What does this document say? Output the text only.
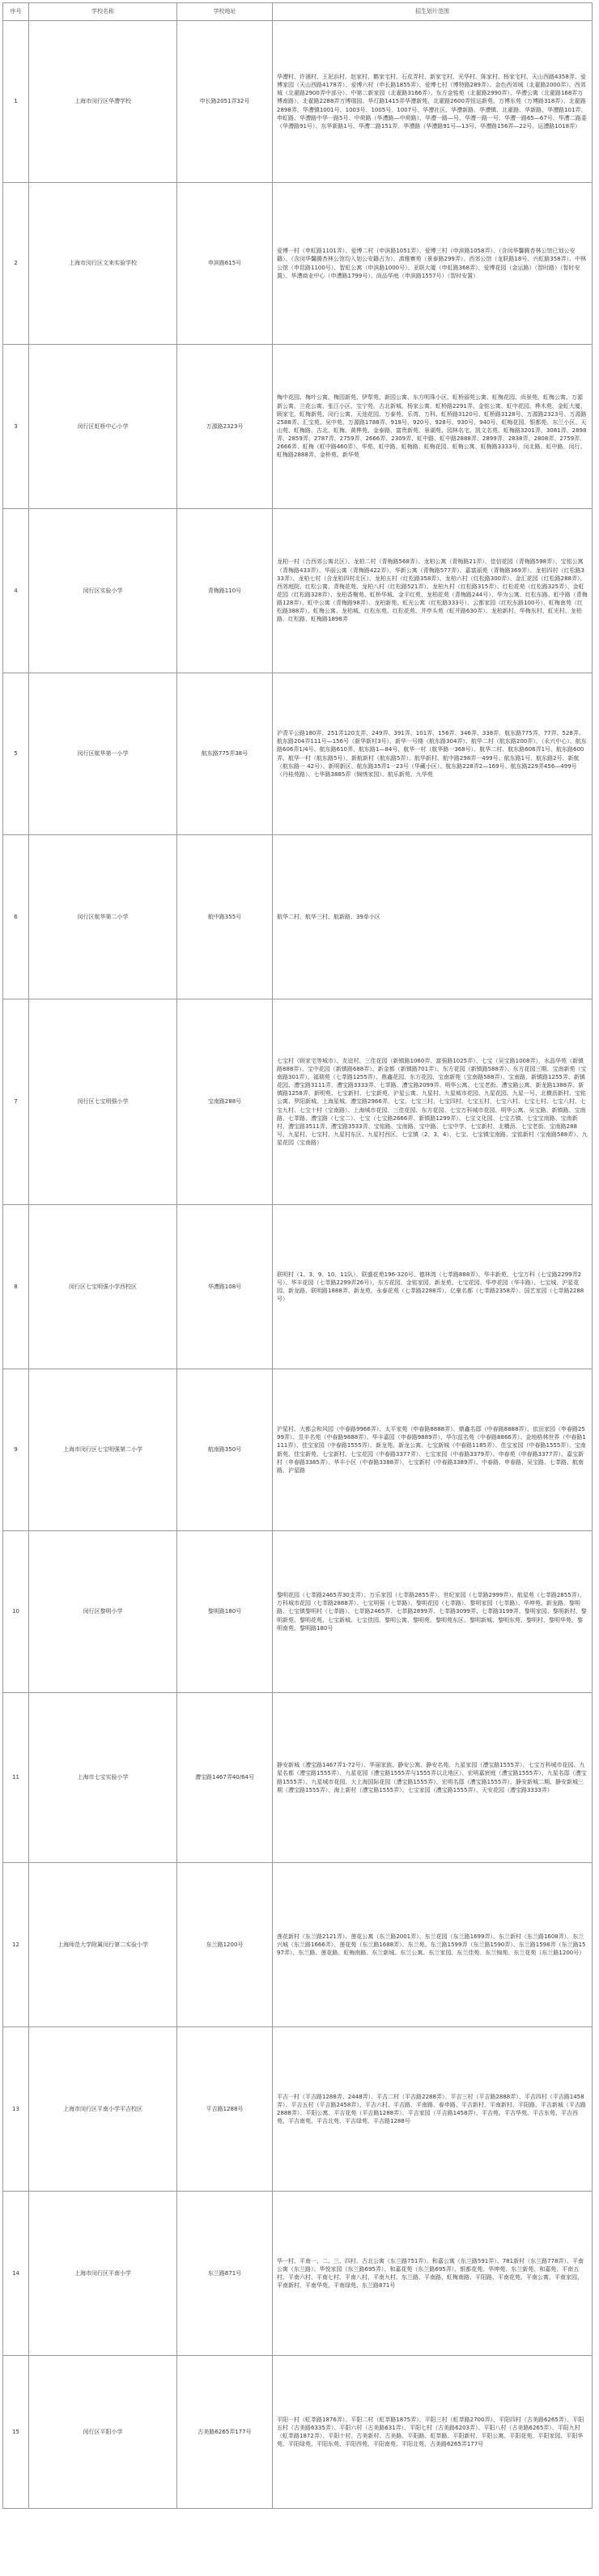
序号	学校名称	学校地址	招生划片范围
1	上海市闵行区华漕学校	申长路2051弄32号	华漕村、许浦村、王泥浜村、赵家村、鹅家宅村、石皮弄村、新家宅村、光华村、陈家村、杨家宅村、天山西路4358弄、爱博家园（天山西路4178弄）、爱博六村（申长路1855弄）、爱博七村（博特路289弄）、金色西郊城（北翟路2000弄）、西郊城（北翟路2900弄中部分）、中第二新家园（北翟路3166弄）、东方金铭苑（北翟路2990弄）、华漕公寓（北翟路168弄万博南路）、北翟路2288弄万博瑞园、华灯路1415弄华漕新苑、北翟路2600弄恒运新苑、万博东苑（万博路318弄）、北翟路2898弄、华漕镇1001号、1003号、1005号、1007号、华漕社区、华漕新路、华漕镇、北翟路、华新路、华漕路101弄、申虹路、华漕路中华一路5号、中荷路（华漕路—中荷路）、华漕一路—号、华漕一路一号、华漕一路65—67号、华漕二路委（华漕路91号）、东华新路1号、华漕二路151弄、华漕路（华漕路91号—13号、华漕路156弄—22号、运漕路1018弄）
2	上海市闵行区文来实验学校	申滨路615号	爱博一村（申虹路1101弄）、爱博二村（申滨路1051弄）、爱博三村（申滨路1058弄）、（含闵华馨腾杏林公馆已划公安籍）、（含闵华馨腾杏林公馆均入划公安籍占为）、滇雅寨苑（景泰路299弄）、西郊公馆（龙联路18号、兴虹路358弄）、中林公馆（申昆路1100号）、智虹公寓（申滨路1000号）、亚联大厦（申虹路368弄）、爱博花园（金运路）（智时路）（智时安置）、华漕商业中心（申漕路1799号）、尚品华庭（申滨路1557号）（智时安置）
3	闵行区虹桥中心小学	万源路2323号	梅中花园、梅叶公寓、梅园新苑、伊犁苑、新园公寓、东方明珠小区、虹桥丽苑公寓、虹梅花园、尚景苑、虹梅公寓、万源新公寓、兰花公寓、张江小区、宝宁苑、古北新城、杨家公寓、虹桥路2291弄、金铭公寓、虹中花园、桦木苑、金虹大厦、顾家宅、虹梅新苑、闵行公寓、天池花园、万泰苑、乐湾、万科、虹桥路3120号、虹桥路3128号、万源路2323号、万源路2588弄、汇宝苑、吴中苑、万源路1788弄、918号、920号、928号、930号、940号、虹梅花园、银都苑、东兰小区、天山苑、虹梅路、古北、虹梅、黄桦苑、金泰路、富贵新苑、景湖苑、园林名宅、凯文名苑、虹梅路3201弄、3081弄、2898弄、2859弄、2787弄、2759弄、2666弄、2309弄、虹中路、虹中路2888弄、2899弄、2838弄、2808弄、2759弄、2666弄、虹梅（虹中路460弄）、华苑、虹中路、虹梅路、虹梅花园、虹梅公寓、虹梅路3333号、闵北路、虹中路、闵行、虹梅路2888弄、金桥苑、新华苑
4	闵行区实验小学	青梅路110号	龙柏一村（合西郊公寓北区）、龙柏二村（青梅路568弄）、龙柏公寓（青梅路21弄）、佳信花园（青梅路598弄）、宝铭公寓（青梅路433弄）、华丽公寓（青梅路422弄）、华新公寓（青梅路577弄）、嘉富丽苑（青梅路369弄）、龙柏四村（红松路333弄）、龙柏七村（含龙柏四村北区）、龙柏五村（红松路358弄）、龙柏六村（红松路300弄）、金汇花园（红松路288弄）、西郊庭院、红松公寓、青梅花苑、龙柏八村（红松路521弄）、龙柏九村（红松路315弄）、红松花苑（红松路325弄）、金虹花园（红松路328弄）、龙柏香榭苑、虹桥华城、金平红苑、龙柏花苑（青梅路244号）、华为公寓、红松东路、虹中路（青梅路128弄）、虹中公寓（青梅路98弄）、龙柏新苑、虹光公寓（红松路333号）、云都家园（红松东路100号）、虹梅南苑（红松路388弄）、虹梅公寓、龙柏城、红松东苑、红松花苑、井亭头苑（虹井路630弄）、龙柏新村、华梅东村、虹光村、龙柏路、红松路、虹梅路1898弄
5	闵行区航华第一小学	航东路775弄38号	沪青平公路180弄、251弄120支弄、249弄、391弄、101弄、156弄、346弄、338弄、航东路775弄、77弄、528弄、航东路204弄111号—156号（新华新村3号）、新华一号楼（航东路304弄）、航华二村（航东路200弄）、（永兴中心）、航东路606弄1/4号、航东路610弄、航东路1—84号、航华一村（航华路一368号）、航华二村、航东路606弄1号、航东路600弄、航华一村（航东路5号）、新航新村（航东路5弄）、航华新村、航中路298弄一499号、航东路1号、航东路2号、新航（航东路一 42号）、新明新区、航东路35弄1一23号（华藏小区）、航东路228弄2—169号、航东路229弄456—499号（丹桂苑路）、七华路3885弄（锦绣家园）、航乐新苑、九华苑
6	闵行区航华第二小学	航中路355号	航华二村、航华三村、航新路、39单小区
7	闵行区七宝明强小学	宝南路288号	七宝村（顾家宅等城市）、友谊村、三佳花园（新镇路1060弄、富强路1025弄）、七宝（吴宝路1008弄）、水晶华苑（新镇路888弄）、宝中花园（新镇路688弄）、新金都（新镇路701弄）、东方花园（新镇路588弄）、东方花园三期、宝南新苑（宝南路301弄）、福瑞苑（七莘路1255弄）、鼎鑫花园、东方花园、宝南新苑（宝南路588弄）、宝南路、新镇路1255弄、新镇花园、漕宝路3111弄、漕宝路3333弄、七莘路、漕宝路2099弄、明华公寓、七宝老街、漕宝路公寓、新龙路1388弄、新镇路1258弄、新明苑、七宝新村、七宝新苑、沪星公寓、九星村、九星城市花园、九星花园、九星一号、北横沥新村、宝铭公寓、罗阳新城、上海星城、漕宝路2966弄、七宝、七宝三村、七宝四村、七宝五村、七宝六村、七宝七村、七宝八村、七宝九村、七宝十村（宝南路）、上海城市花园、三佳花园、东方花园、七宝万科城市花园、明华公寓、吴宝路、新镇路、宝南路、七莘路、漕宝路（七宝二）、七宝（七宝路2666弄、新镇路1299弄）、七宝文化园、七宝古镇、七宝宝南路、宝南新村、漕宝路3511弄、漕宝路3533弄、宝铭路、宝南路、宝中路、七宝中学、七宝新村、北横沥、七宝老街、宝南路288号、九星村、七宝村、九星村东区、九星村西区、七宝镇（2、3、4）、七宝、七宝镇宝南路、宝铭新村（宝南路588弄）、九星花园（宝南路）
8	闵行区七宝明强小学西校区	华漕路108号	联明村（1、3、9、10、11队）、联盛花苑196-320号、德林湾（七莘路888弄）、华丰新苑、七宝万科（七宝路2299弄2号）、华丰花园（七莘路2299弄26号）、东方花园、金铭家园、新龙苑、七宝花园、华亭花园（华丰路）、七宝城、沪星花园、新龙路、联明路1888弄、新龙苑、永泰花苑（七莘路2288弄）、亿豪名都（七莘路2358弄）、国艺家园（七莘路2288号）
9	上海市闵行区七宝明强第二小学	航南路350号	沪星村、大都会和风园（中春路9966弄）、太平家苑（申春路8888弄）、鼎鑫名邸（中春路8888弄）、依田家园（申春路2599弄）、昱丰名苑（中春路9888弄）、华丰嘉园（申春路9889弄）、华尔兹名苑（中春路8866弄）、金地格林世界（中春路1111弄）、佳宝家园（中春路1555弄）、新龙苑、新龙公寓、七宝新城（中春路1185弄）、佳宝家园（中春路1555弄）、宝南新苑、佳宝新苑、七宝新村、七宝花园（中春路3377弄）、七宝家园（中春路3379弄）、申春苑（申春路3377弄）、嘉宝新村（申春路3385弄）、华丰小区（中春路3388弄）、七宝新村（中春路3389弄）、中春路、申春路、吴宝路、七莘路、航南路、沪星路
10	闵行区黎明小学	黎明路180号	黎明花园（七莘路2465弄30支弄）、万乐家园（七莘路2855弄）、世纪家园（七莘路2999弄）、航星苑（七莘路2855弄）、万科城市花园（七莘路2888弄）、七宝明强（七莘路）、黎明花园（七莘路）、黎明家园（七莘路）、华坤苑、新龙路、黎明路、七宝镇黎明村（七莘路）、七莘路2465弄、七莘路2899弄、七莘路3099弄、七莘路3199弄、黎明家园、黎明新村、黎明新苑、黎明花苑、七宝新城、七宝佳园、黎明公寓、黎明苑、黎明苑东区、黎明新城、黎明东苑、黎明村、黎明华苑、黎明南苑、黎明路180号
11	上海市七宝实验小学	漕宝路1467弄40/64号	静安新城（漕宝路1467弄1-72号）、华丽家族、静安公寓、静安名苑、九星家园（漕宝路1555弄）、七宝万科城市花园、九星名都（漕宝路1555弄）、九星花园（漕宝路1555弄与1555弄以北地区）、宏明嘉宸庭（漕宝路1555弄）、九星名邸（漕宝路1555弄）、九星城市花园、大上海国际花园（漕宝路1555弄）、宏明名邸（漕宝路1555弄）、静安新城二期、静安新城三期（漕宝路1555弄）、海上新村（漕宝路1555弄）、七宝家园（漕宝路1555弄）、天安花园（漕宝路3333弄）
12	上海师范大学附属闵行第二实验小学	东兰路1200号	莲花新村（东兰路2121弄）、莲花公寓（东兰路2001弄）、东兰花园（东兰路1699弄）、东兰新村（东兰路1608弄）、东兰兴城（东兰路1666弄）、莲花苑（东兰路1688弄）、东兰苑、东兰路1599弄（东兰路1590弄）、东兰路1598弄（东兰路1597弄）、东兰路、莲花路、虹梅南路、东兰新城、东兰公寓、东兰家园、东兰佳苑、东兰锦苑、东兰花苑（东兰路1200号）
13	上海市闵行区平南小学平吉校区	平吉路1288号	平吉一村（平吉路1288弄、2448弄）、平吉二村（平吉路2288弄）、平吉三村（平吉路2888弄）、平吉四村（平吉路1458弄）、平吉五村（平吉路2458弄）、平吉六村、平吉路、平南路、春申路、平吉新村、平南新村、平阳路、平吉新城（平吉路2888弄）、平阳公寓、平吉花苑（平吉路1288弄）、平吉家园（平吉路1458弄）、平吉苑、平吉华苑、平吉东苑、平吉西苑、平吉南苑、平吉北苑、平吉绿苑、平吉路1288号
14	上海市闵行区平南小学	东兰路871号	华一村、平南一、二、三、四村、古北公寓（东兰路751弄）、和嘉公寓（东兰路591弄）、781新村（东兰路778弄）、平南公寓（东兰路）、华悦家园（东兰路695弄）、和嘉花苑（东兰路695弄）、银都花苑、华坤苑、东兰新苑、和嘉苑、平南五村、平南六村、平南七村、平南八村、平南九村、东兰路、平南路、虹梅南路、平阳路、平南花苑、平南公寓、平南家园、平南新村、平南华苑、平南绿苑、东兰路871号
15	闵行区平阳小学	古美路6265弄177号	平阳一村（虹莘路1876弄）、平阳二村（虹莘路1875弄）、平阳三村（虹莘路2700弄）、平阳四村（古美路6265弄）、平阳五村（古美路6335弄）、平阳六村（古美路631弄）、平阳七村（古美路6203弄）、平阳八村（古美路6265弄）、平阳九村（虹莘路1872弄）、平阳十村、古美新村、古美路、平阳路、虹莘路、平阳新村、平阳公寓、平阳花苑、平阳家园、平阳华苑、平阳绿苑、平阳东苑、平阳西苑、平阳南苑、平阳北苑、古美路6265弄177号
